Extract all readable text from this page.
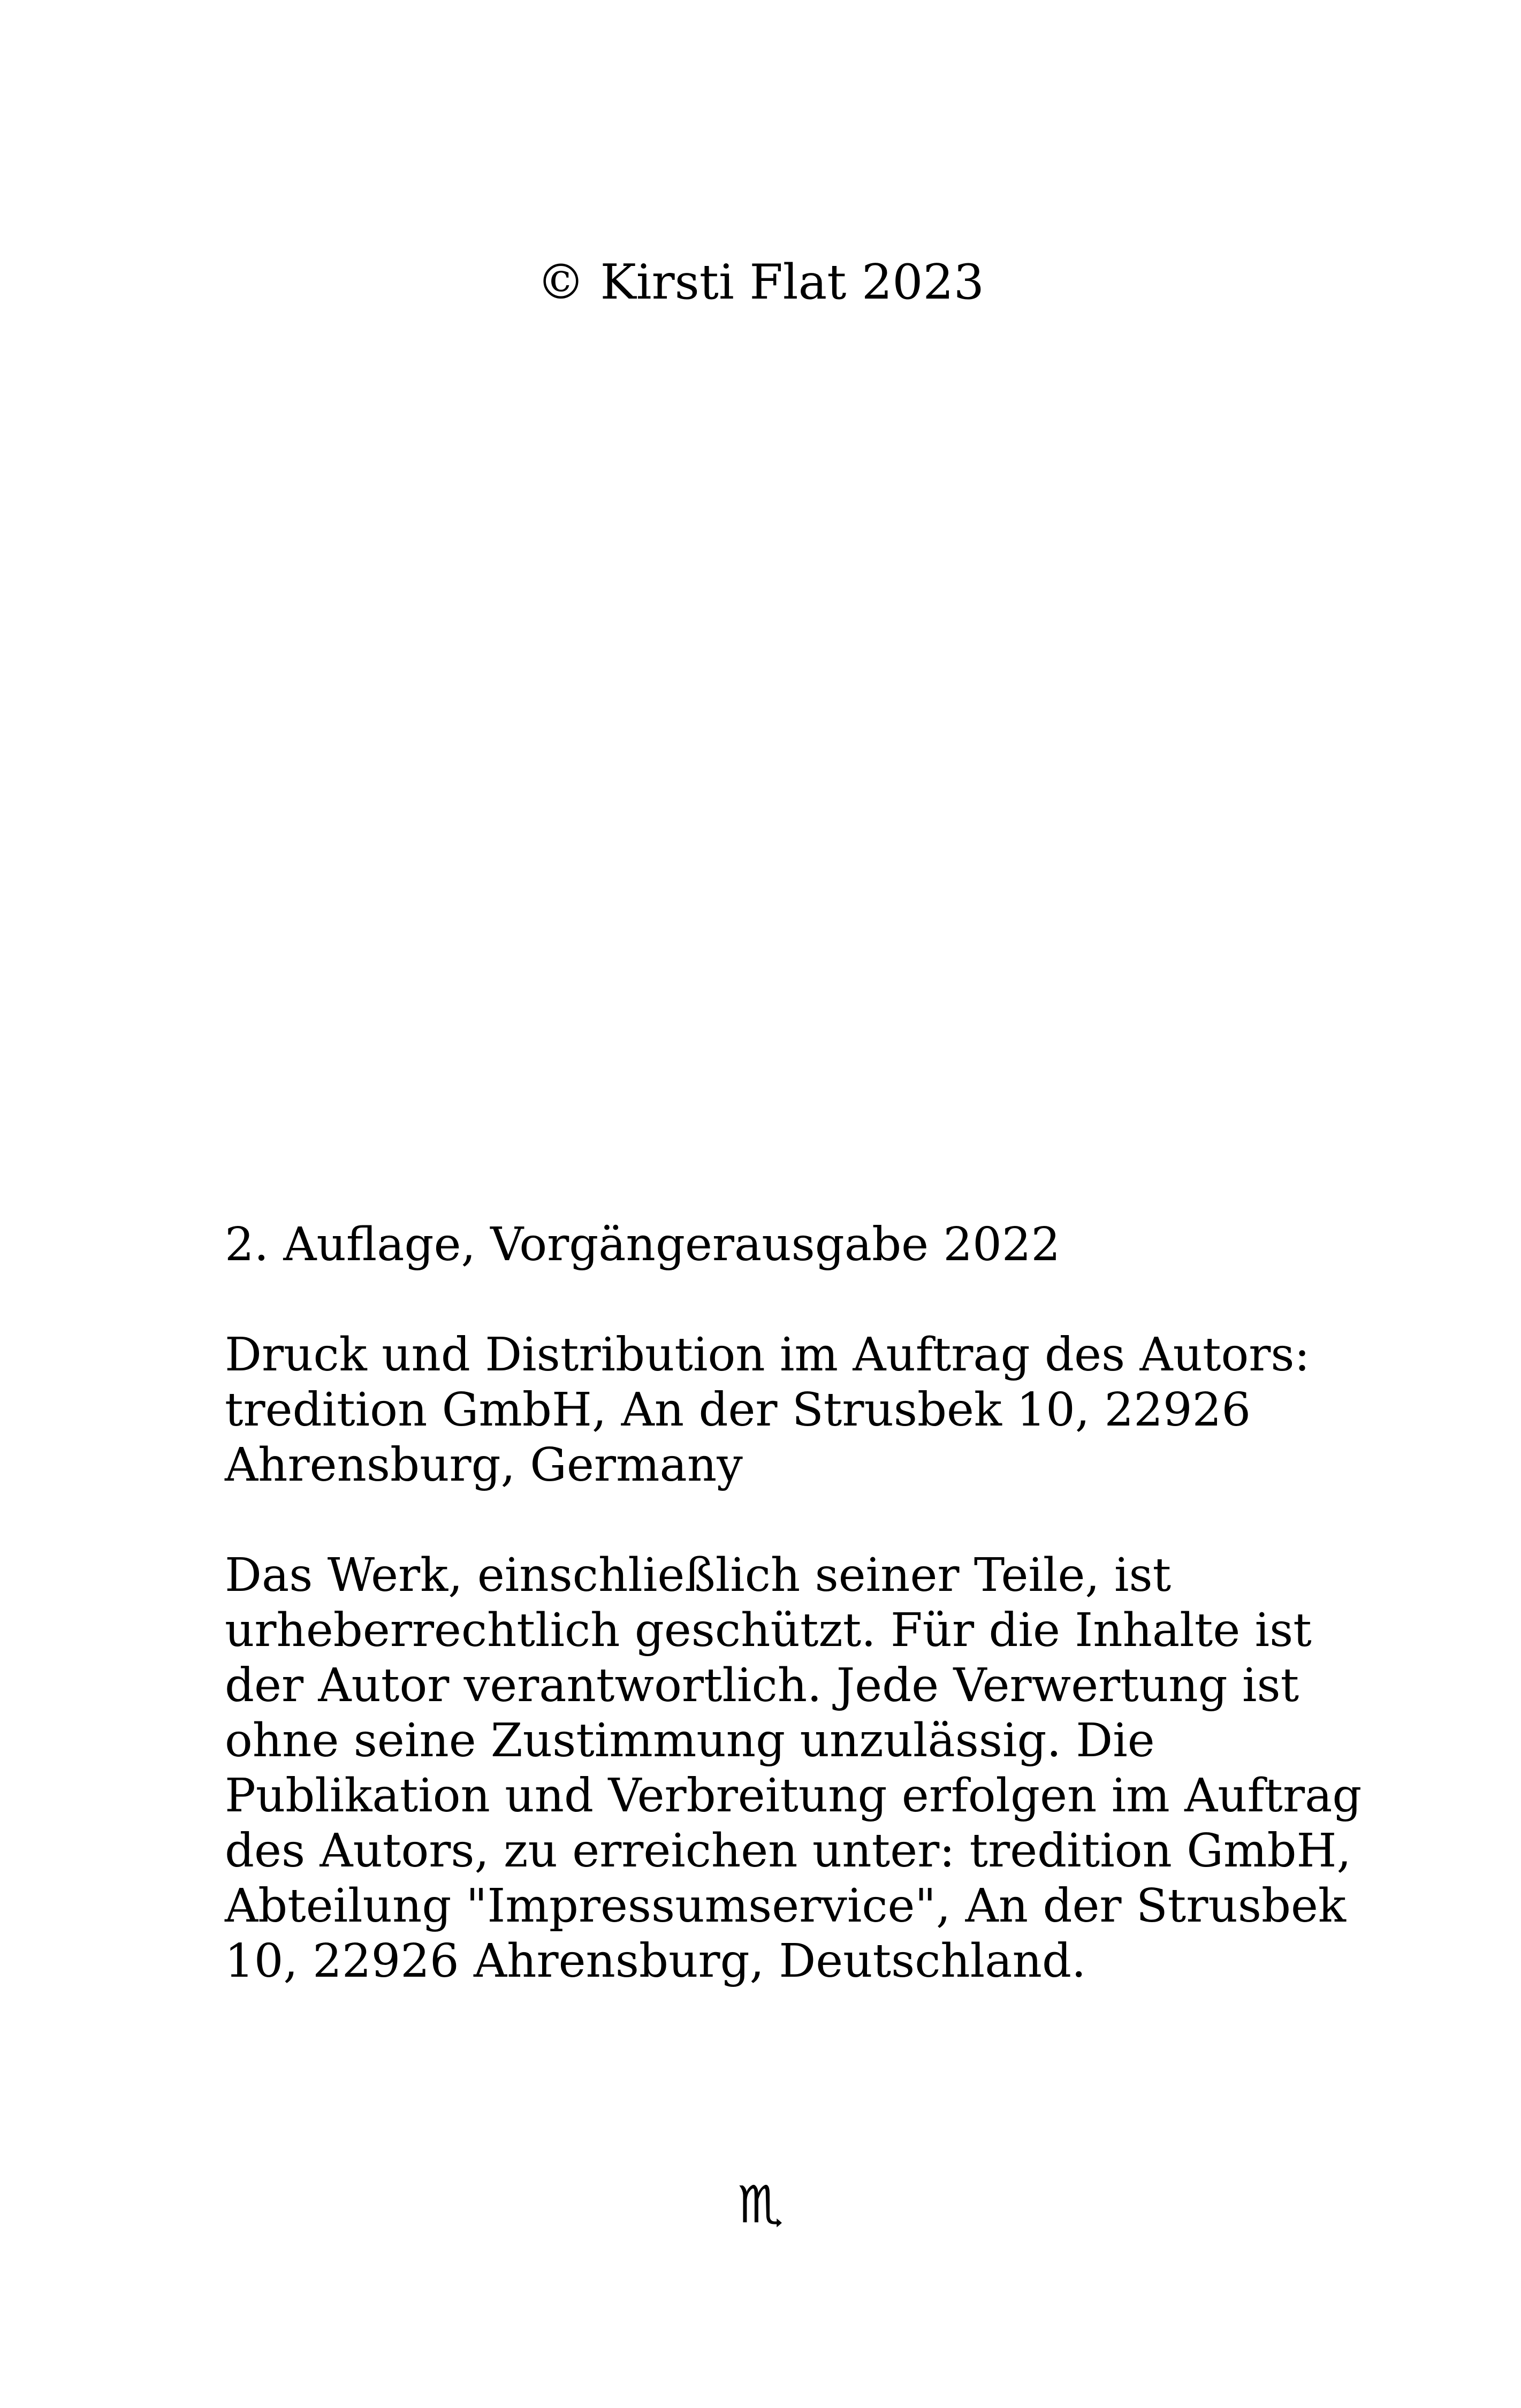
© Kirsti Flat 2023

2. Auflage, Vorgängerausgabe 2022

Druck und Distribution im Auftrag des Autors:
tredition GmbH, An der Strusbek 10, 22926
Ahrensburg, Germany

Das Werk, einschließlich seiner Teile, ist
urheberrechtlich geschützt. Für die Inhalte ist
der Autor verantwortlich. Jede Verwertung ist
ohne seine Zustimmung unzulässig. Die
Publikation und Verbreitung erfolgen im Auftrag
des Autors, zu erreichen unter: tredition GmbH,
Abteilung "Impressumservice", An der Strusbek
10, 22926 Ahrensburg, Deutschland.

♏
